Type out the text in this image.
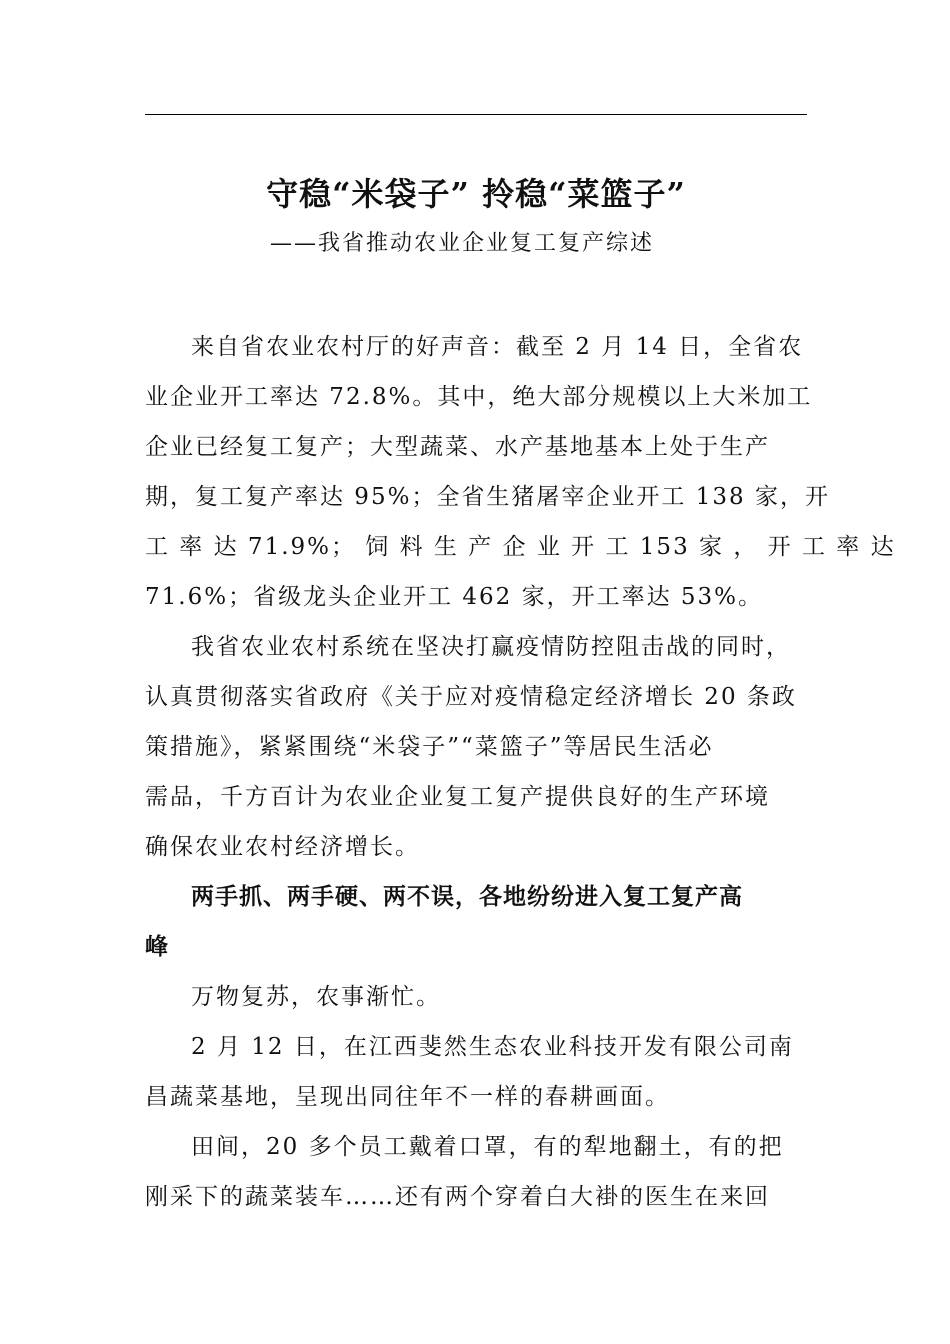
守稳“米袋子” 拎稳“菜篮子”
——我省推动农业企业复工复产综述

来自省农业农村厅的好声音：截至 2 月 14 日，全省农
业企业开工率达 72.8%。其中，绝大部分规模以上大米加工
企业已经复工复产；大型蔬菜、水产基地基本上处于生产
期，复工复产率达 95%；全省生猪屠宰企业开工 138 家，开
工 率 达 71.9%； 饲 料 生 产 企 业 开 工 153 家 ， 开 工 率 达
71.6%；省级龙头企业开工 462 家，开工率达 53%。

我省农业农村系统在坚决打赢疫情防控阻击战的同时，
认真贯彻落实省政府《关于应对疫情稳定经济增长 20 条政
策措施》，紧紧围绕“米袋子”“菜篮子”等居民生活必
需品，千方百计为农业企业复工复产提供良好的生产环境
确保农业农村经济增长。

两手抓、两手硬、两不误，各地纷纷进入复工复产高
峰

万物复苏，农事渐忙。

2 月 12 日，在江西斐然生态农业科技开发有限公司南
昌蔬菜基地，呈现出同往年不一样的春耕画面。

田间，20 多个员工戴着口罩，有的犁地翻土，有的把
刚采下的蔬菜装车……还有两个穿着白大褂的医生在来回
